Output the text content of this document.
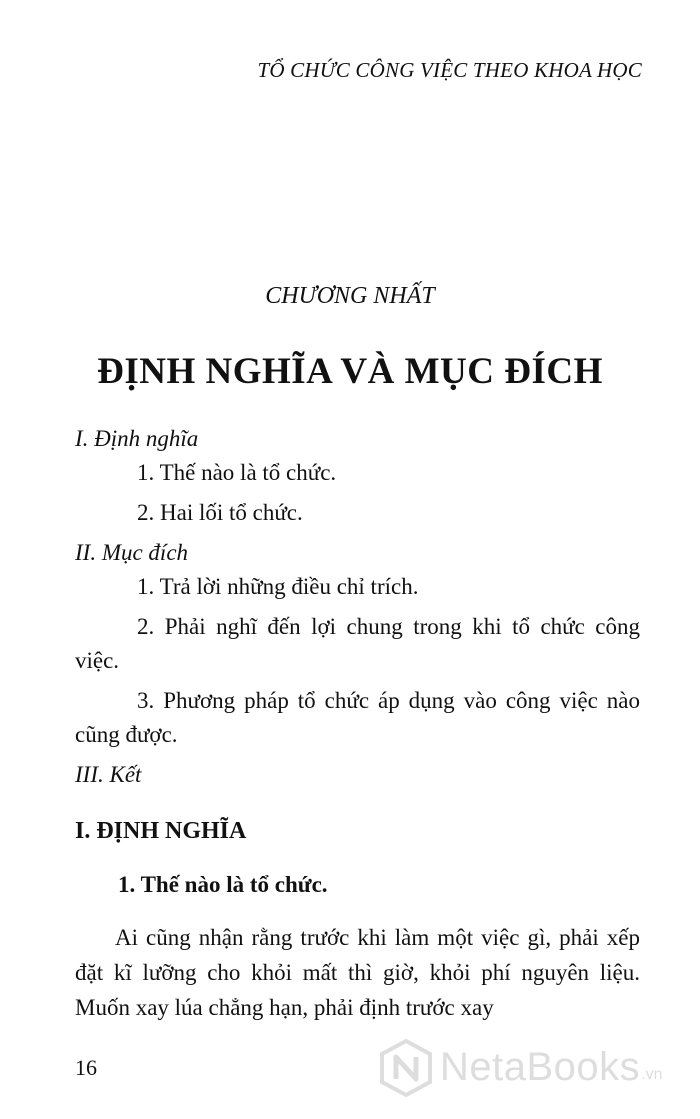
TỔ CHỨC CÔNG VIỆC THEO KHOA HỌC
CHƯƠNG NHẤT
ĐỊNH NGHĨA VÀ MỤC ĐÍCH

I. Định nghĩa

1. Thế nào là tổ chức.

2. Hai lối tổ chức.

II. Mục đích

1. Trả lời những điều chỉ trích.

2. Phải nghĩ đến lợi chung trong khi tổ chức công việc.

3. Phương pháp tổ chức áp dụng vào công việc nào cũng được.

III. Kết

I. ĐỊNH NGHĨA
1. Thế nào là tổ chức.

Ai cũng nhận rằng trước khi làm một việc gì, phải xếp đặt kĩ lưỡng cho khỏi mất thì giờ, khỏi phí nguyên liệu. Muốn xay lúa chẳng hạn, phải định trước xay

16	NetaBooks .vn
